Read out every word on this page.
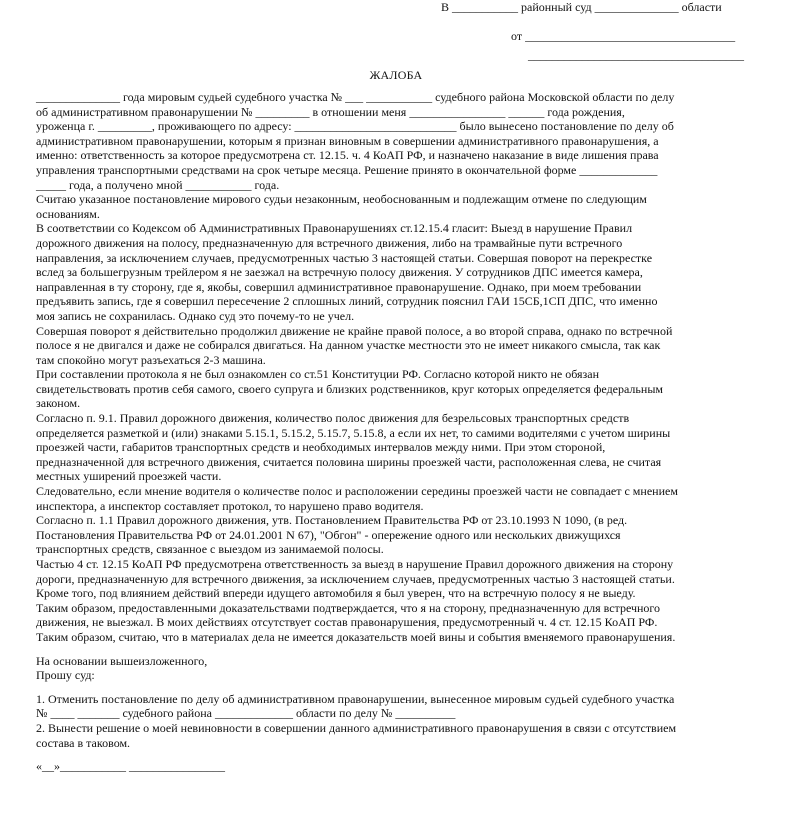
В ___________ районный суд ______________ области
от ___________________________________
____________________________________
ЖАЛОБА

______________ года мировым судьей судебного участка № ___ ___________ судебного района Московской области по делу
об административном правонарушении № _________ в отношении меня ________________ ______ года рождения,
уроженца г. _________, проживающего по адресу: ___________________________ было вынесено постановление по делу об
административном правонарушении, которым я признан виновным в совершении административного правонарушения, а
именно: ответственность за которое предусмотрена ст. 12.15. ч. 4 КоАП РФ, и назначено наказание в виде лишения права
управления транспортными средствами на срок четыре месяца. Решение принято в окончательной форме _____________
_____ года, а получено мной ___________ года.

Считаю указанное постановление мирового судьи незаконным, необоснованным и подлежащим отмене по следующим
основаниям.

В соответствии со Кодексом об Административных Правонарушениях ст.12.15.4 гласит: Выезд в нарушение Правил
дорожного движения на полосу, предназначенную для встречного движения, либо на трамвайные пути встречного
направления, за исключением случаев, предусмотренных частью 3 настоящей статьи. Совершая поворот на перекрестке
вслед за большегрузным трейлером я не заезжал на встречную полосу движения. У сотрудников ДПС имеется камера,
направленная в ту сторону, где я, якобы, совершил административное правонарушение. Однако, при моем требовании
предъявить запись, где я совершил пересечение 2 сплошных линий, сотрудник пояснил ГАИ 15СБ,1СП ДПС, что именно
моя запись не сохранилась. Однако суд это почему-то не учел.

Совершая поворот я действительно продолжил движение не крайне правой полосе, а во второй справа, однако по встречной
полосе я не двигался и даже не собирался двигаться. На данном участке местности это не имеет никакого смысла, так как
там спокойно могут разъехаться 2-3 машина.

При составлении протокола я не был ознакомлен со ст.51 Конституции РФ. Согласно которой никто не обязан
свидетельствовать против себя самого, своего супруга и близких родственников, круг которых определяется федеральным
законом.

Согласно п. 9.1. Правил дорожного движения, количество полос движения для безрельсовых транспортных средств
определяется разметкой и (или) знаками 5.15.1, 5.15.2, 5.15.7, 5.15.8, а если их нет, то самими водителями с учетом ширины
проезжей части, габаритов транспортных средств и необходимых интервалов между ними. При этом стороной,
предназначенной для встречного движения, считается половина ширины проезжей части, расположенная слева, не считая
местных уширений проезжей части.

Следовательно, если мнение водителя о количестве полос и расположении середины проезжей части не совпадает с мнением
инспектора, а инспектор составляет протокол, то нарушено право водителя.

Согласно п. 1.1 Правил дорожного движения, утв. Постановлением Правительства РФ от 23.10.1993 N 1090, (в ред.
Постановления Правительства РФ от 24.01.2001 N 67), "Обгон" - опережение одного или нескольких движущихся
транспортных средств, связанное с выездом из занимаемой полосы.

Частью 4 ст. 12.15 КоАП РФ предусмотрена ответственность за выезд в нарушение Правил дорожного движения на сторону
дороги, предназначенную для встречного движения, за исключением случаев, предусмотренных частью 3 настоящей статьи.
Кроме того, под влиянием действий впереди идущего автомобиля я был уверен, что на встречную полосу я не выеду.

Таким образом, предоставленными доказательствами подтверждается, что я на сторону, предназначенную для встречного
движения, не выезжал. В моих действиях отсутствует состав правонарушения, предусмотренный ч. 4 ст. 12.15 КоАП РФ.
Таким образом, считаю, что в материалах дела не имеется доказательств моей вины и события вменяемого правонарушения.

На основании вышеизложенного,

Прошу суд:

1. Отменить постановление по делу об административном правонарушении, вынесенное мировым судьей судебного участка
№ ____ _______ судебного района _____________ области по делу № __________

2. Вынести решение о моей невиновности в совершении данного административного правонарушения в связи с отсутствием
состава в таковом.

«__»___________ ________________
